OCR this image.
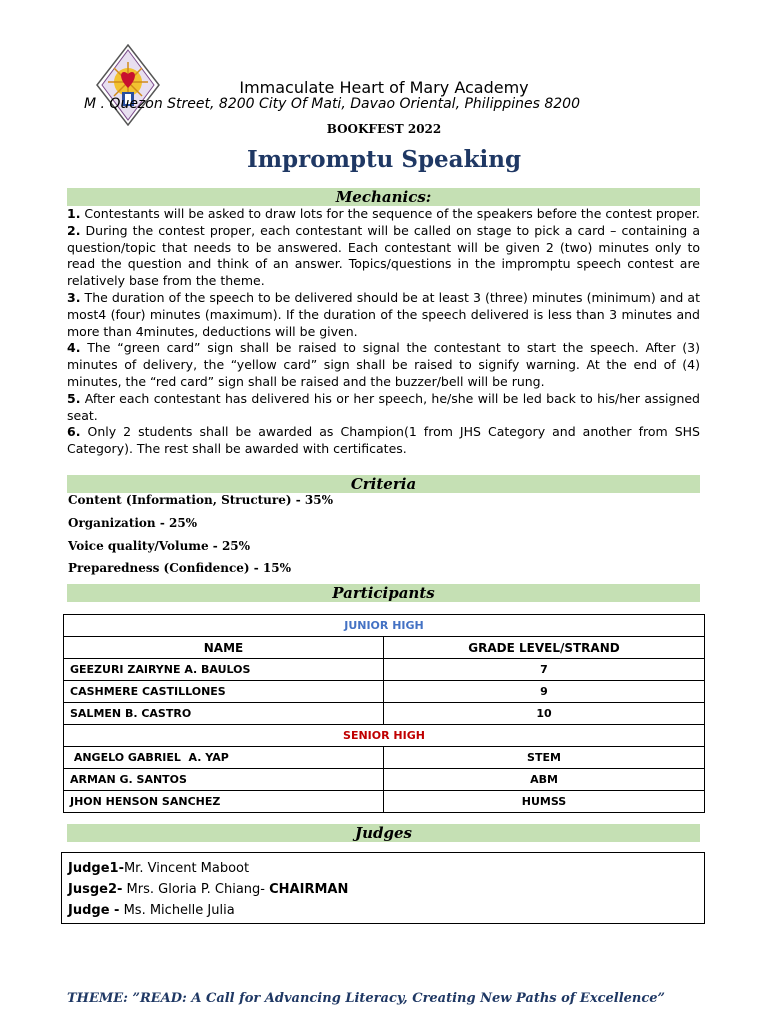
Immaculate Heart of Mary Academy
M . Quezon Street, 8200 City Of Mati, Davao Oriental, Philippines 8200
BOOKFEST 2022
Impromptu Speaking
Mechanics:

1. Contestants will be asked to draw lots for the sequence of the speakers before the contest proper.

2. During the contest proper, each contestant will be called on stage to pick a card – containing a question/topic that needs to be answered. Each contestant will be given 2 (two) minutes only to read the question and think of an answer. Topics/questions in the impromptu speech contest are relatively base from the theme.

3. The duration of the speech to be delivered should be at least 3 (three) minutes (minimum) and at most4 (four) minutes (maximum). If the duration of the speech delivered is less than 3 minutes and more than 4minutes, deductions will be given.

4. The “green card” sign shall be raised to signal the contestant to start the speech. After (3) minutes of delivery, the “yellow card” sign shall be raised to signify warning. At the end of (4) minutes, the “red card” sign shall be raised and the buzzer/bell will be rung.

5. After each contestant has delivered his or her speech, he/she will be led back to his/her assigned seat.

6. Only 2 students shall be awarded as Champion(1 from JHS Category and another from SHS Category). The rest shall be awarded with certificates.

Criteria
Content (Information, Structure) - 35%
Organization - 25%
Voice quality/Volume - 25%
Preparedness (Confidence) - 15%
Participants
JUNIOR HIGH	
NAME	GRADE LEVEL/STRAND
GEEZURI ZAIRYNE A. BAULOS	7
CASHMERE CASTILLONES	9
SALMEN B. CASTRO	10
SENIOR HIGH	
ANGELO GABRIEL  A. YAP	STEM
ARMAN G. SANTOS	ABM
JHON HENSON SANCHEZ	HUMSS
Judges
Judge1-Mr. Vincent Maboot
Jusge2- Mrs. Gloria P. Chiang- CHAIRMAN
Judge - Ms. Michelle Julia
THEME: ”READ: A Call for Advancing Literacy, Creating New Paths of Excellence”
